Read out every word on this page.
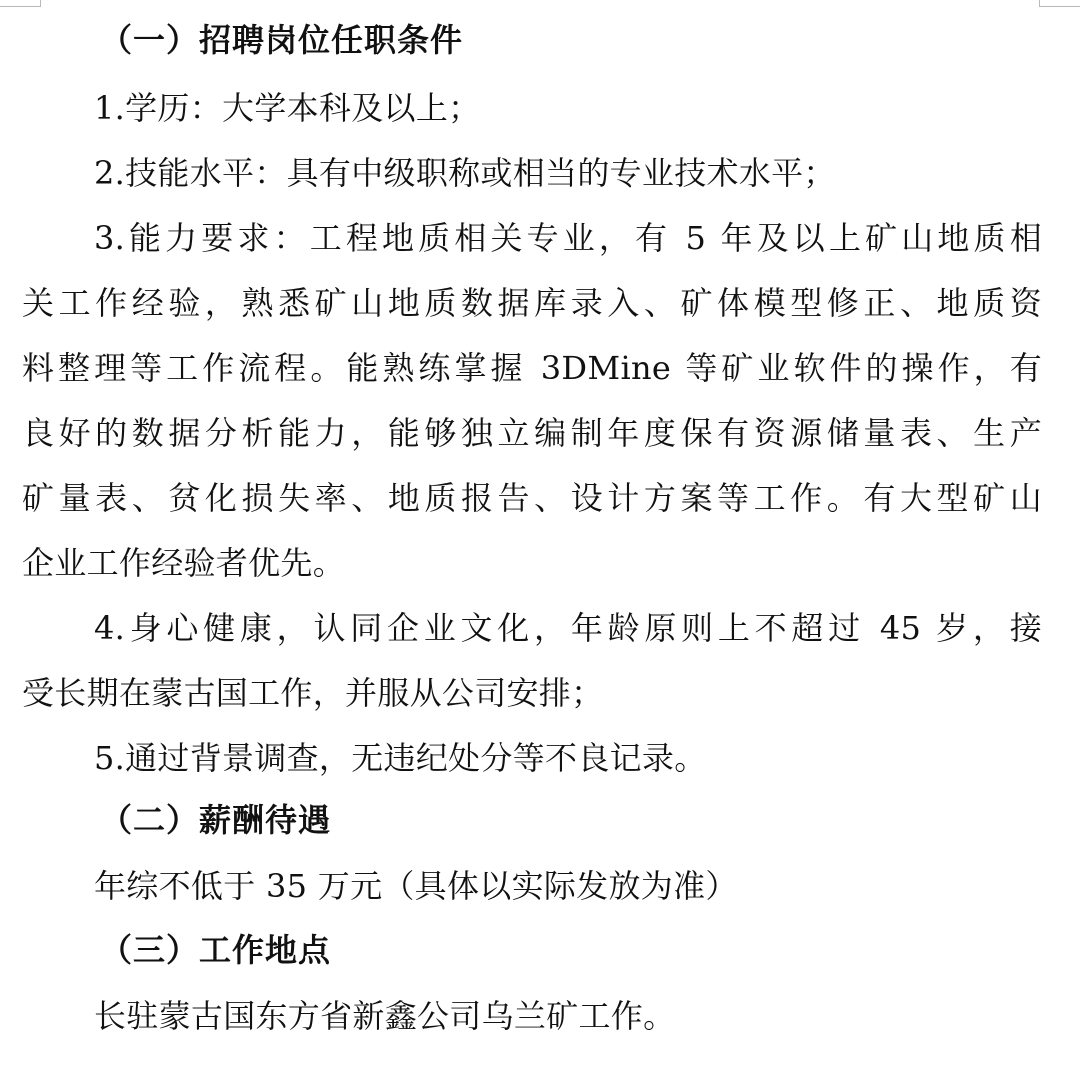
（一）招聘岗位任职条件
1.学历：大学本科及以上；
2.技能水平：具有中级职称或相当的专业技术水平；
3.能力要求：工程地质相关专业，有 5 年及以上矿山地质相
关工作经验，熟悉矿山地质数据库录入、矿体模型修正、地质资
料整理等工作流程。能熟练掌握 3DMine 等矿业软件的操作，有
良好的数据分析能力，能够独立编制年度保有资源储量表、生产
矿量表、贫化损失率、地质报告、设计方案等工作。有大型矿山
企业工作经验者优先。
4.身心健康，认同企业文化，年龄原则上不超过 45 岁，接
受长期在蒙古国工作，并服从公司安排；
5.通过背景调查，无违纪处分等不良记录。
（二）薪酬待遇
年综不低于 35 万元（具体以实际发放为准）
（三）工作地点
长驻蒙古国东方省新鑫公司乌兰矿工作。
